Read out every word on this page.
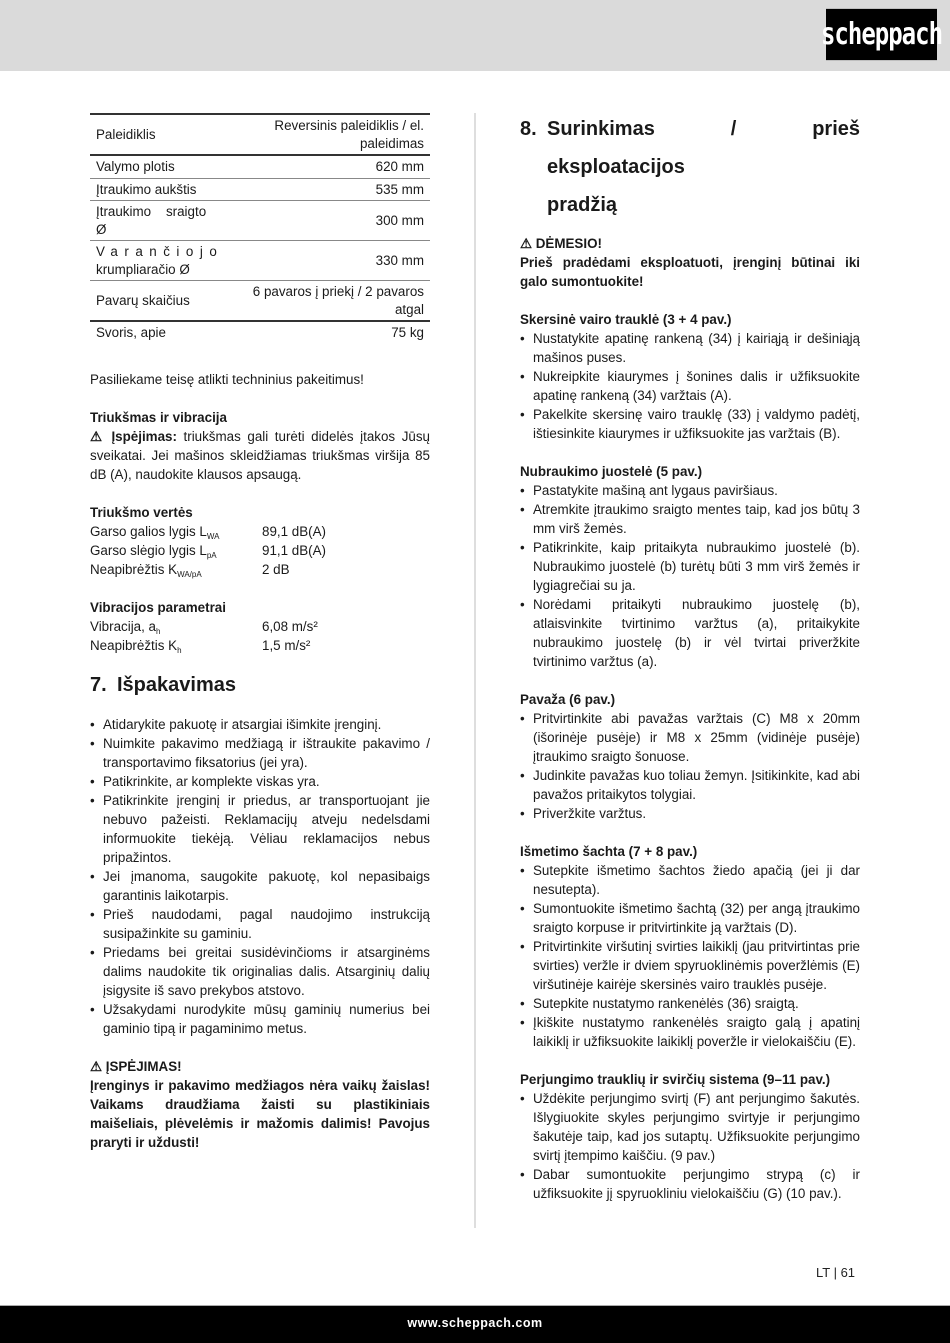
scheppach
Paleidiklis	Reversinis paleidiklis / el.
paleidimas
Valymo plotis	620 mm
Įtraukimo aukštis	535 mm
Įtraukimo    sraigto
Ø	300 mm
Varančiojo
krumpliaračio Ø	330 mm
Pavarų skaičius	6 pavaros į priekį / 2 pavaros
atgal
Svoris, apie	75 kg

Pasiliekame teisę atlikti techninius pakeitimus!

Triukšmas ir vibracija

⚠ Įspėjimas: triukšmas gali turėti didelės įtakos Jūsų sveikatai. Jei mašinos skleidžiamas triukšmas viršija 85 dB (A), naudokite klausos apsaugą.

Triukšmo vertės

Garso galios lygis $L_{WA}$	89,1 dB(A)
Garso slėgio lygis $L_{pA}$	91,1 dB(A)
Neapibrėžtis $K_{WA/pA}$	2 dB

Vibracijos parametrai

Vibracija, $a_h$	6,08 m/s²
Neapibrėžtis $K_h$	1,5 m/s²
7. Išpakavimas
• Atidarykite pakuotę ir atsargiai išimkite įrenginį.
• Nuimkite pakavimo medžiagą ir ištraukite pakavimo / transportavimo fiksatorius (jei yra).
• Patikrinkite, ar komplekte viskas yra.
• Patikrinkite įrenginį ir priedus, ar transportuojant jie nebuvo pažeisti. Reklamacijų atveju nedelsdami informuokite tiekėją. Vėliau reklamacijos nebus pripažintos.
• Jei įmanoma, saugokite pakuotę, kol nepasibaigs garantinis laikotarpis.
• Prieš naudodami, pagal naudojimo instrukciją susipažinkite su gaminiu.
• Priedams bei greitai susidėvinčioms ir atsarginėms dalims naudokite tik originalias dalis. Atsarginių dalių įsigysite iš savo prekybos atstovo.
• Užsakydami nurodykite mūsų gaminių numerius bei gaminio tipą ir pagaminimo metus.

⚠ ĮSPĖJIMAS!

Įrenginys ir pakavimo medžiagos nėra vaikų žaislas! Vaikams draudžiama žaisti su plastikiniais maišeliais, plėvelėmis ir mažomis dalimis! Pavojus praryti ir uždusti!

8. Surinkimas / prieš eksploatacijos
pradžią

⚠ DĖMESIO!

Prieš pradėdami eksploatuoti, įrenginį būtinai iki galo sumontuokite!

Skersinė vairo trauklė (3 + 4 pav.)

• Nustatykite apatinę rankeną (34) į kairiąją ir dešiniąją mašinos puses.
• Nukreipkite kiaurymes į šonines dalis ir užfiksuokite apatinę rankeną (34) varžtais (A).
• Pakelkite skersinę vairo trauklę (33) į valdymo padėtį, ištiesinkite kiaurymes ir užfiksuokite jas varžtais (B).

Nubraukimo juostelė (5 pav.)

• Pastatykite mašiną ant lygaus paviršiaus.
• Atremkite įtraukimo sraigto mentes taip, kad jos būtų 3 mm virš žemės.
• Patikrinkite, kaip pritaikyta nubraukimo juostelė (b). Nubraukimo juostelė (b) turėtų būti 3 mm virš žemės ir lygiagrečiai su ja.
• Norėdami pritaikyti nubraukimo juostelę (b), atlaisvinkite tvirtinimo varžtus (a), pritaikykite nubraukimo juostelę (b) ir vėl tvirtai priveržkite tvirtinimo varžtus (a).

Pavaža (6 pav.)

• Pritvirtinkite abi pavažas varžtais (C) M8 x 20mm (išorinėje pusėje) ir M8 x 25mm (vidinėje pusėje) įtraukimo sraigto šonuose.
• Judinkite pavažas kuo toliau žemyn. Įsitikinkite, kad abi pavažos pritaikytos tolygiai.
• Priveržkite varžtus.

Išmetimo šachta (7 + 8 pav.)

• Sutepkite išmetimo šachtos žiedo apačią (jei ji dar nesutepta).
• Sumontuokite išmetimo šachtą (32) per angą įtraukimo sraigto korpuse ir pritvirtinkite ją varžtais (D).
• Pritvirtinkite viršutinį svirties laikiklį (jau pritvirtintas prie svirties) veržle ir dviem spyruoklinėmis poveržlėmis (E) viršutinėje kairėje skersinės vairo trauklės pusėje.
• Sutepkite nustatymo rankenėlės (36) sraigtą.
• Įkiškite nustatymo rankenėlės sraigto galą į apatinį laikiklį ir užfiksuokite laikiklį poveržle ir vielokaiščiu (E).

Perjungimo trauklių ir svirčių sistema (9–11 pav.)

• Uždėkite perjungimo svirtį (F) ant perjungimo šakutės. Išlygiuokite skyles perjungimo svirtyje ir perjungimo šakutėje taip, kad jos sutaptų. Užfiksuokite perjungimo svirtį įtempimo kaiščiu. (9 pav.)
• Dabar sumontuokite perjungimo strypą (c) ir užfiksuokite jį spyruokliniu vielokaiščiu (G) (10 pav.).
LT | 61
www.scheppach.com
